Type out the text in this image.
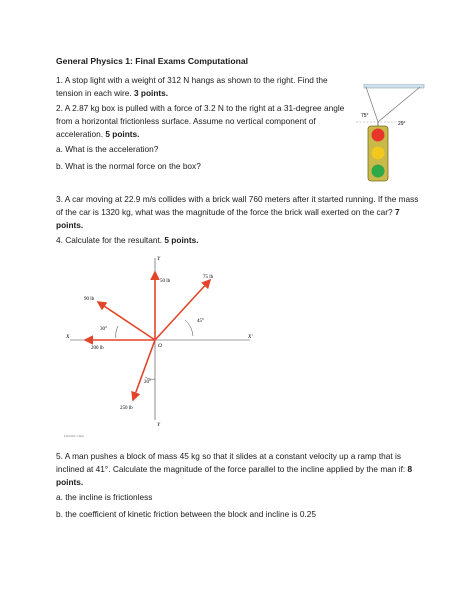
General Physics 1: Final Exams Computational
1. A stop light with a weight of 312 N hangs as shown to the right. Find the tension in each wire. 3 points.
2. A 2.87 kg box is pulled with a force of 3.2 N to the right at a 31-degree angle from a horizontal frictionless surface. Assume no vertical component of acceleration. 5 points.
a. What is the acceleration?
b. What is the normal force on the box?
75°
29°
3. A car moving at 22.9 m/s collides with a brick wall 760 meters after it started running. If the mass of the car is 1320 kg, what was the magnitude of the force the brick wall exerted on the car? 7 points.
4. Calculate for the resultant. 5 points.
Y
Y
X	X'
O
50 lb
75 lb
45°
90 lb
30°
200 lb
250 lb
20°
FIGURE 1-8(a)
5. A man pushes a block of mass 45 kg so that it slides at a constant velocity up a ramp that is inclined at 41°. Calculate the magnitude of the force parallel to the incline applied by the man if: 8 points.
a. the incline is frictionless
b. the coefficient of kinetic friction between the block and incline is 0.25
